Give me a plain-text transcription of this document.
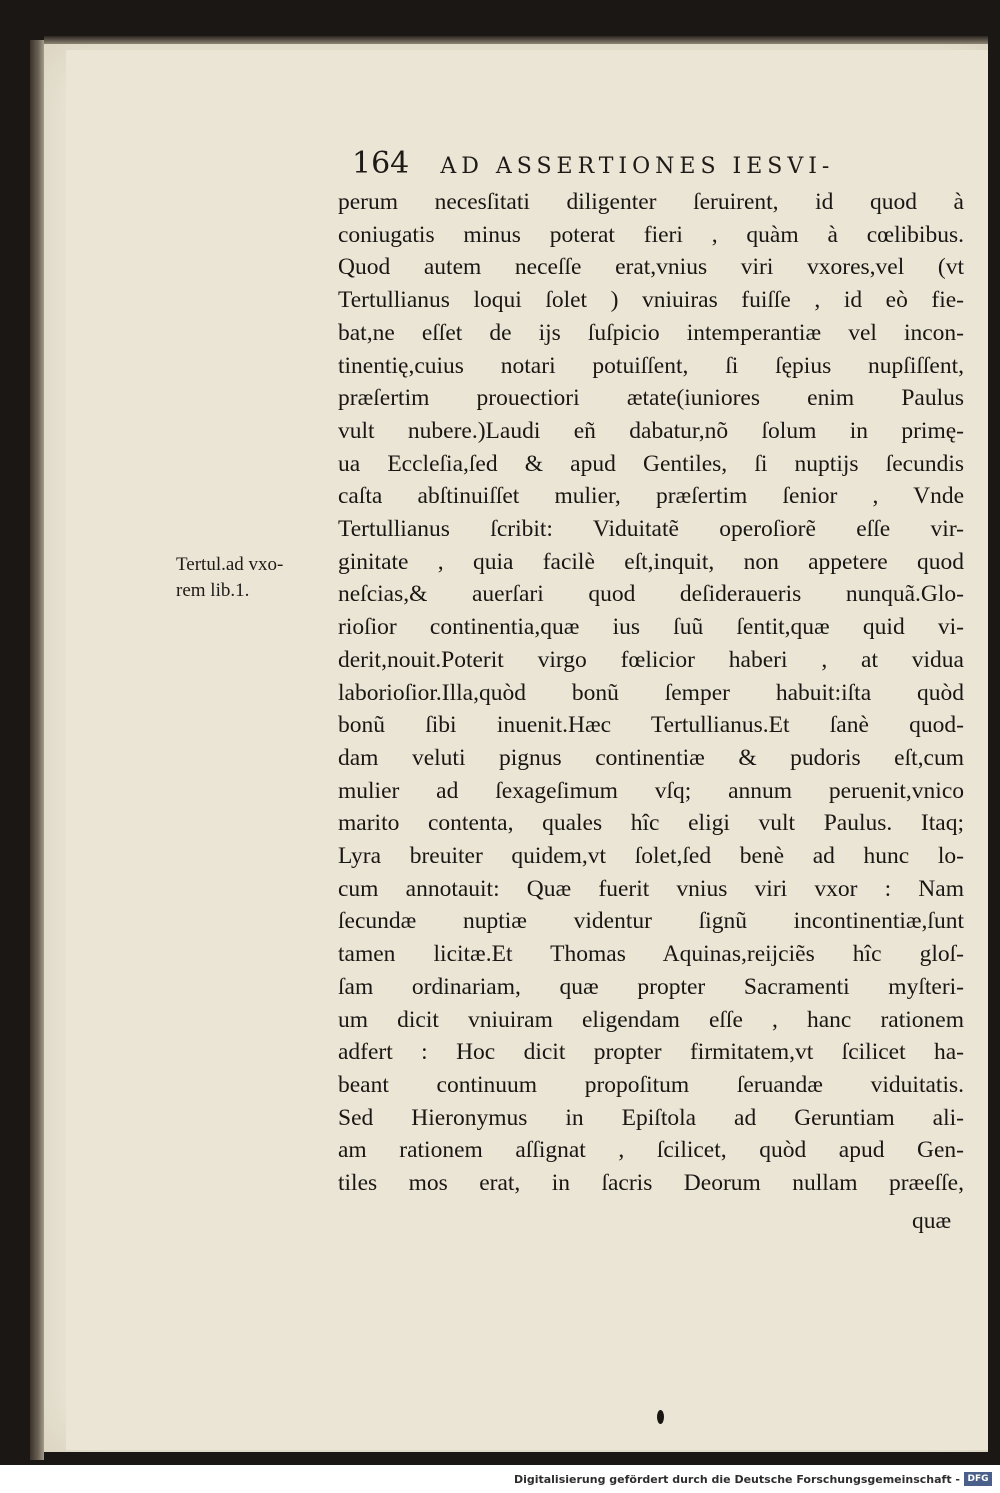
164 AD ASSERTIONES IESVI-
Tertul.ad vxo-
rem lib.1.
perum necesſitati diligenter ſeruirent, id quod à
coniugatis minus poterat fieri , quàm à cœlibibus.
Quod autem neceſſe erat,vnius viri vxores,vel (vt
Tertullianus loqui ſolet ) vniuiras fuiſſe , id eò fie-
bat,ne eſſet de ijs ſuſpicio intemperantiæ vel incon-
tinentię,cuius notari potuiſſent, ſi ſępius nupſiſſent,
præſertim prouectiori ætate(iuniores enim Paulus
vult nubere.)Laudi eñ dabatur,nõ ſolum in primę-
ua Eccleſia,ſed & apud Gentiles, ſi nuptijs ſecundis
caſta abſtinuiſſet mulier, præſertim ſenior , Vnde
Tertullianus ſcribit: Viduitatẽ operoſiorẽ eſſe vir-
ginitate , quia facilè eſt,inquit, non appetere quod
neſcias,& auerſari quod deſideraueris nunquã.Glo-
rioſior continentia,quæ ius ſuũ ſentit,quæ quid vi-
derit,nouit.Poterit virgo fœlicior haberi , at vidua
laborioſior.Illa,quòd bonũ ſemper habuit:iſta quòd
bonũ ſibi inuenit.Hæc Tertullianus.Et ſanè quod-
dam veluti pignus continentiæ & pudoris eſt,cum
mulier ad ſexageſimum vſq; annum peruenit,vnico
marito contenta, quales hîc eligi vult Paulus. Itaq;
Lyra breuiter quidem,vt ſolet,ſed benè ad hunc lo-
cum annotauit: Quæ fuerit vnius viri vxor : Nam
ſecundæ nuptiæ videntur ſignũ incontinentiæ,ſunt
tamen licitæ.Et Thomas Aquinas,reijciẽs hîc gloſ-
ſam ordinariam, quæ propter Sacramenti myſteri-
um dicit vniuiram eligendam eſſe , hanc rationem
adfert : Hoc dicit propter firmitatem,vt ſcilicet ha-
beant continuum propoſitum ſeruandæ viduitatis.
Sed Hieronymus in Epiſtola ad Geruntiam ali-
am rationem aſſignat , ſcilicet, quòd apud Gen-
tiles mos erat, in ſacris Deorum nullam præeſſe,
quæ
Digitalisierung gefördert durch die Deutsche Forschungsgemeinschaft - DFG
